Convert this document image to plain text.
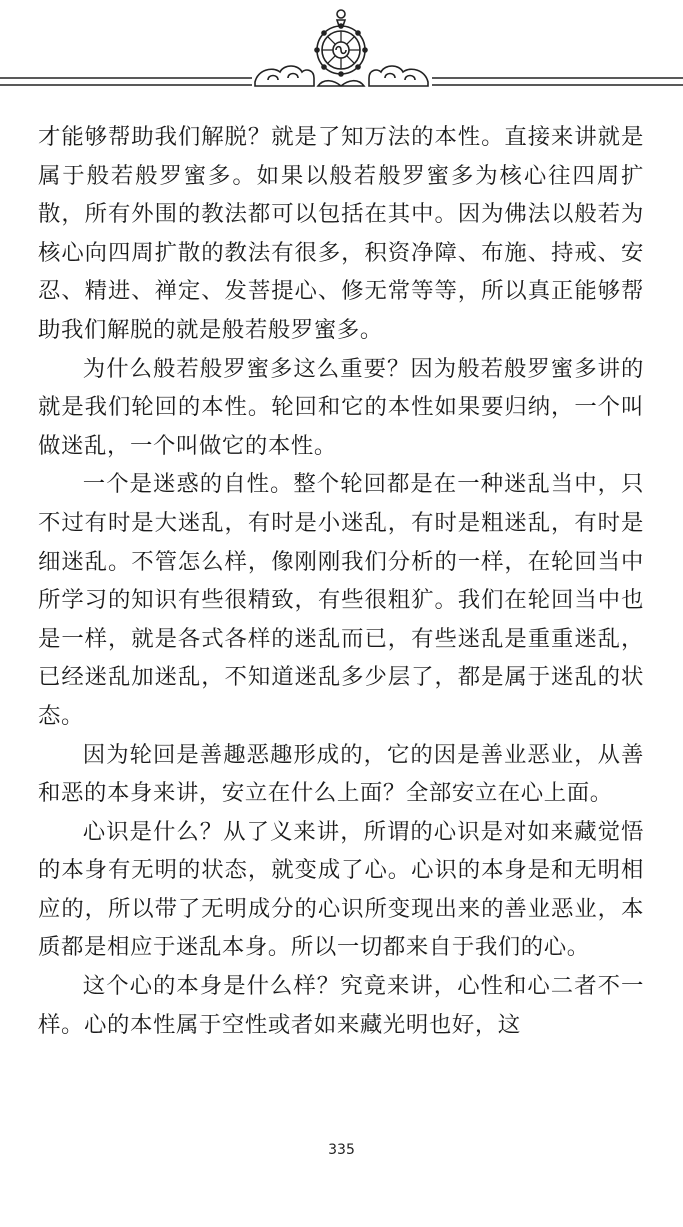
才能够帮助我们解脱？就是了知万法的本性。直接来讲就是属于般若般罗蜜多。如果以般若般罗蜜多为核心往四周扩散，所有外围的教法都可以包括在其中。因为佛法以般若为核心向四周扩散的教法有很多，积资净障、布施、持戒、安忍、精进、禅定、发菩提心、修无常等等，所以真正能够帮助我们解脱的就是般若般罗蜜多。

为什么般若般罗蜜多这么重要？因为般若般罗蜜多讲的就是我们轮回的本性。轮回和它的本性如果要归纳，一个叫做迷乱，一个叫做它的本性。

一个是迷惑的自性。整个轮回都是在一种迷乱当中，只不过有时是大迷乱，有时是小迷乱，有时是粗迷乱，有时是细迷乱。不管怎么样，像刚刚我们分析的一样，在轮回当中所学习的知识有些很精致，有些很粗犷。我们在轮回当中也是一样，就是各式各样的迷乱而已，有些迷乱是重重迷乱，已经迷乱加迷乱，不知道迷乱多少层了，都是属于迷乱的状态。

因为轮回是善趣恶趣形成的，它的因是善业恶业，从善和恶的本身来讲，安立在什么上面？全部安立在心上面。

心识是什么？从了义来讲，所谓的心识是对如来藏觉悟的本身有无明的状态，就变成了心。心识的本身是和无明相应的，所以带了无明成分的心识所变现出来的善业恶业，本质都是相应于迷乱本身。所以一切都来自于我们的心。

这个心的本身是什么样？究竟来讲，心性和心二者不一样。心的本性属于空性或者如来藏光明也好，这

335
